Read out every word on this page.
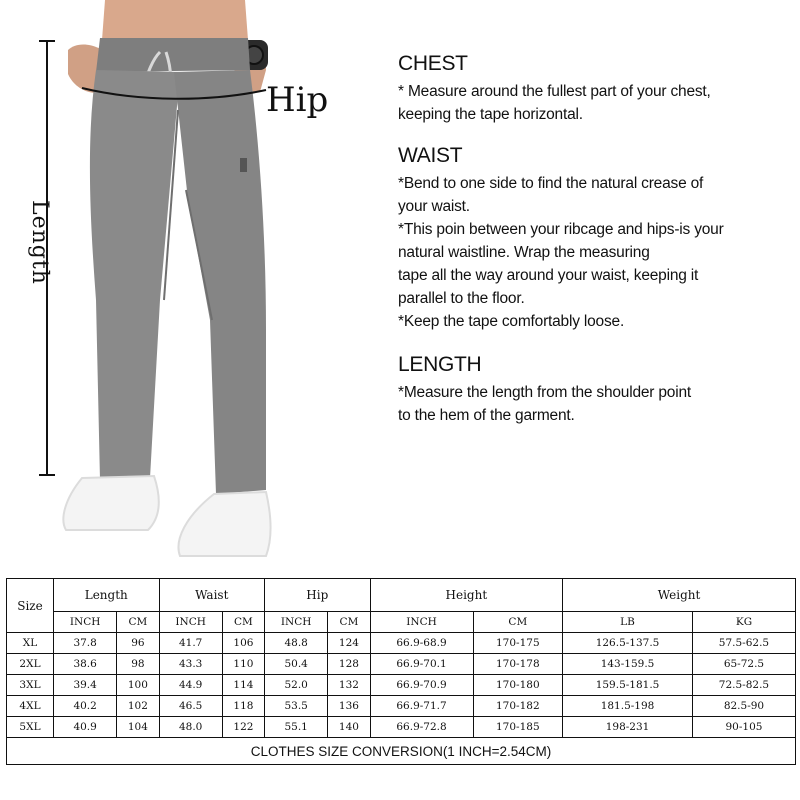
Length
Hip
CHEST

* Measure around the fullest part of your chest,

keeping the tape horizontal.

WAIST

*Bend to one side to find the natural crease of

your waist.

*This poin between your ribcage and hips-is your

natural waistline. Wrap the measuring

tape all the way around your waist, keeping it

parallel to the floor.

*Keep the tape comfortably loose.

LENGTH

*Measure the length from the shoulder point

to the hem of the garment.

Size	Length		Waist		Hip		Height		Weight	
	INCH	CM	INCH	CM	INCH	CM	INCH	CM	LB	KG
XL	37.8	96	41.7	106	48.8	124	66.9-68.9	170-175	126.5-137.5	57.5-62.5
2XL	38.6	98	43.3	110	50.4	128	66.9-70.1	170-178	143-159.5	65-72.5
3XL	39.4	100	44.9	114	52.0	132	66.9-70.9	170-180	159.5-181.5	72.5-82.5
4XL	40.2	102	46.5	118	53.5	136	66.9-71.7	170-182	181.5-198	82.5-90
5XL	40.9	104	48.0	122	55.1	140	66.9-72.8	170-185	198-231	90-105
CLOTHES SIZE CONVERSION(1 INCH=2.54CM)										
